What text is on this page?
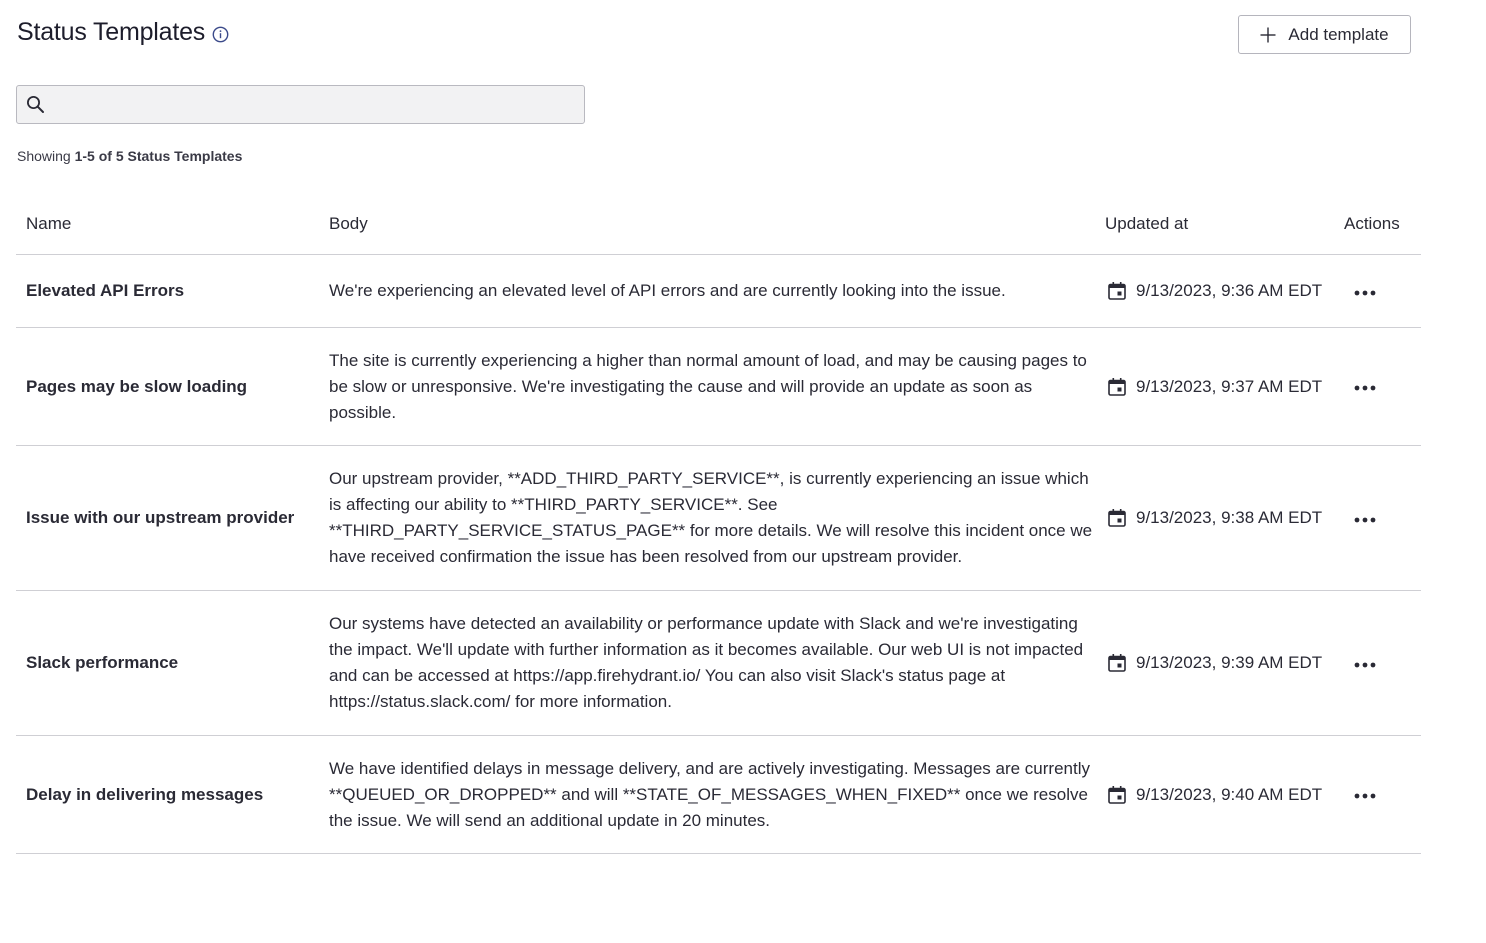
Status Templates	Add template
Showing 1-5 of 5 Status Templates
Name	Body	Updated at	Actions
Elevated API Errors	We're experiencing an elevated level of API errors and are currently looking into the issue.	9/13/2023, 9:36 AM EDT

Pages may be slow loading	The site is currently experiencing a higher than normal amount of load, and may be causing pages to be slow or unresponsive. We're investigating the cause and will provide an update as soon as possible.	9/13/2023, 9:37 AM EDT

Issue with our upstream provider	Our upstream provider, **ADD_THIRD_PARTY_SERVICE**, is currently experiencing an issue which is affecting our ability to **THIRD_PARTY_SERVICE**. See **THIRD_PARTY_SERVICE_STATUS_PAGE** for more details. We will resolve this incident once we have received confirmation the issue has been resolved from our upstream provider.	9/13/2023, 9:38 AM EDT

Slack performance	Our systems have detected an availability or performance update with Slack and we're investigating the impact. We'll update with further information as it becomes available. Our web UI is not impacted and can be accessed at https://app.firehydrant.io/ You can also visit Slack's status page at https://status.slack.com/ for more information.	9/13/2023, 9:39 AM EDT

Delay in delivering messages	We have identified delays in message delivery, and are actively investigating. Messages are currently **QUEUED_OR_DROPPED** and will **STATE_OF_MESSAGES_WHEN_FIXED** once we resolve the issue. We will send an additional update in 20 minutes.	9/13/2023, 9:40 AM EDT
